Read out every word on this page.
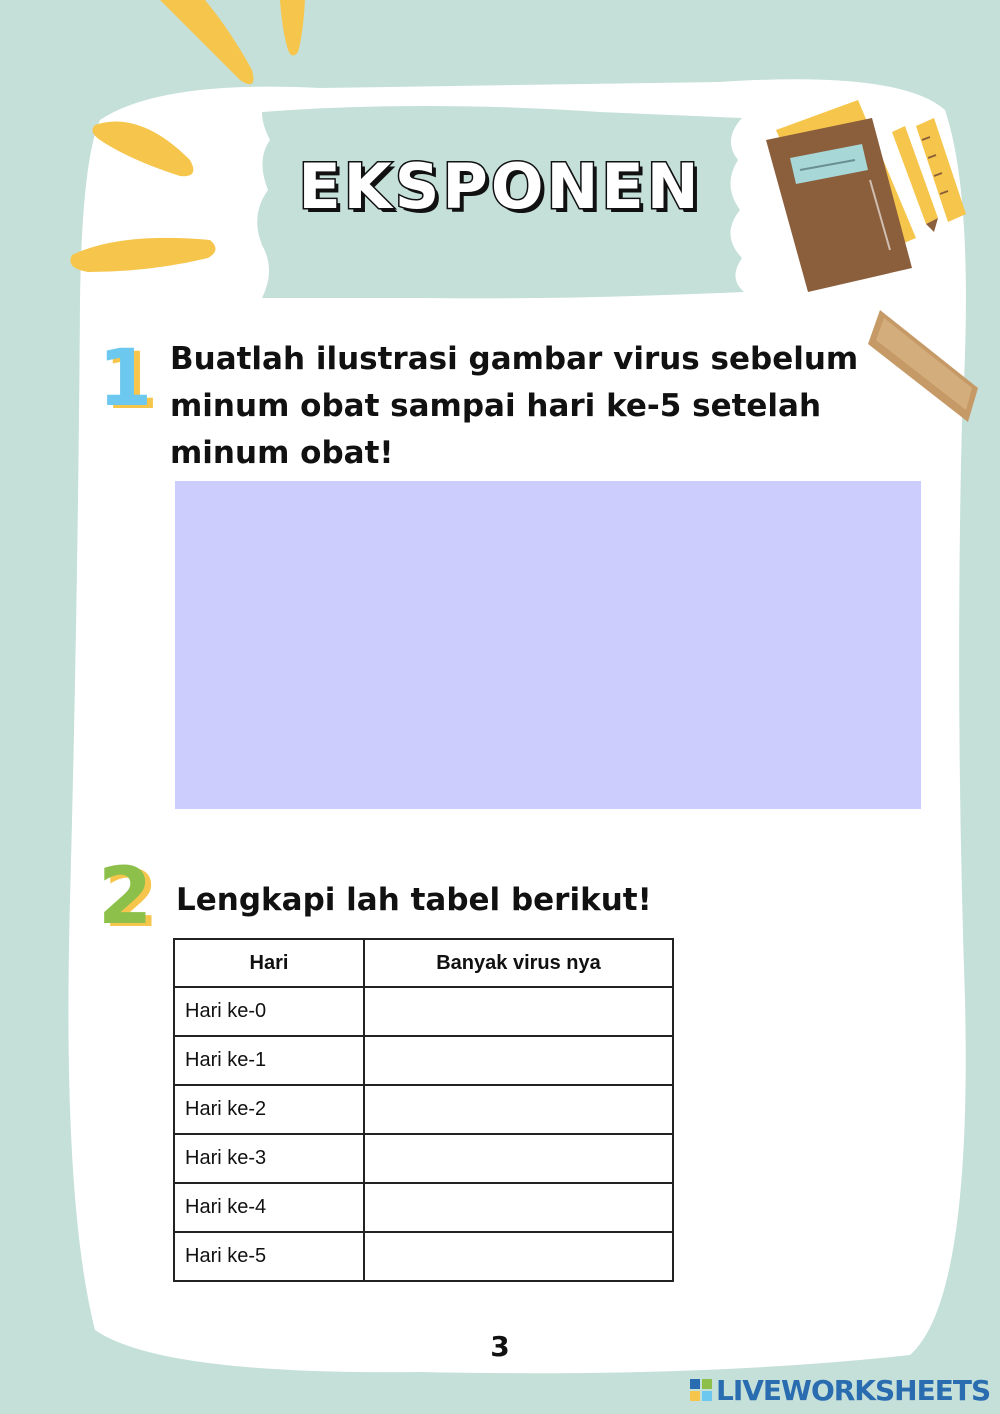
EKSPONEN
1 Buatlah ilustrasi gambar virus sebelum
minum obat sampai hari ke-5 setelah
minum obat!
2 Lengkapi lah tabel berikut!
Hari	Banyak virus nya
Hari ke-0	
Hari ke-1	
Hari ke-2	
Hari ke-3	
Hari ke-4	
Hari ke-5	
3
LIVEWORKSHEETS
